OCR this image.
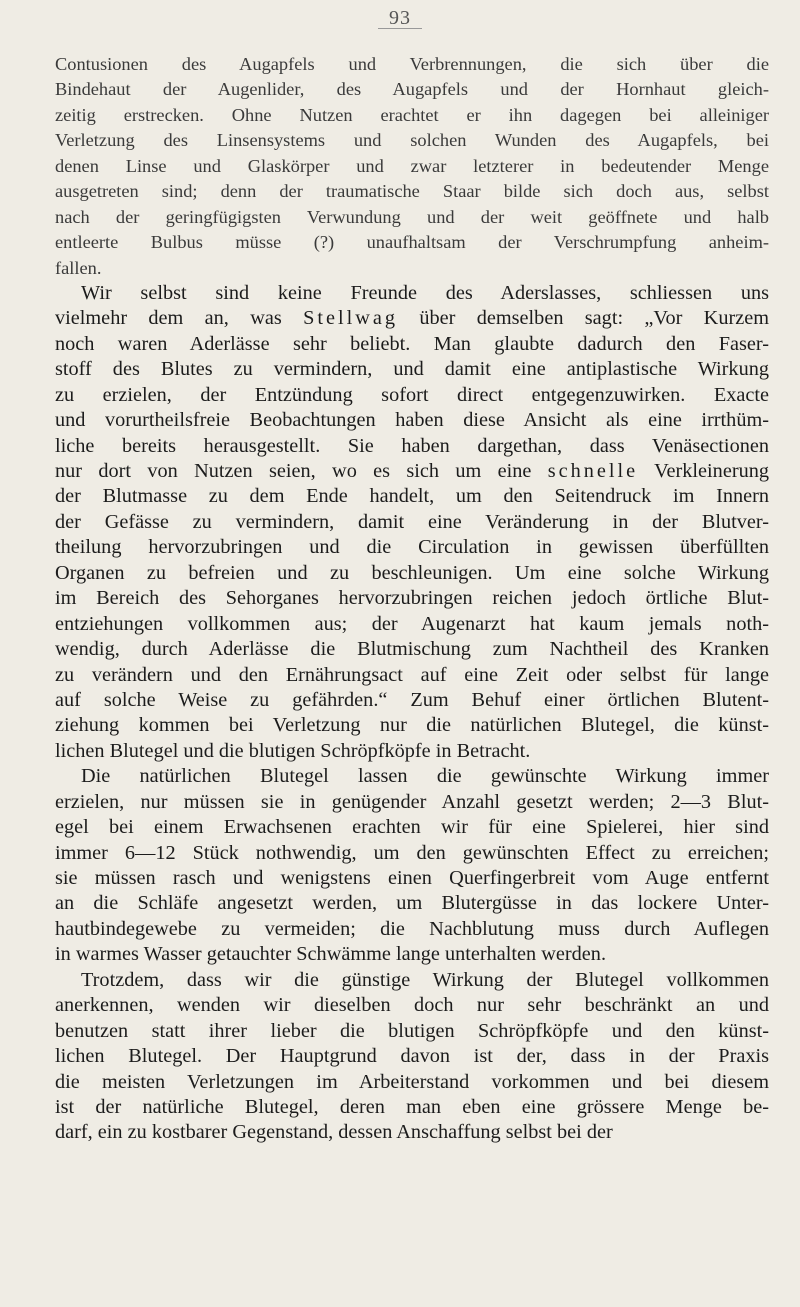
93
Contusionen des Augapfels und Verbrennungen, die sich über die
Bindehaut der Augenlider, des Augapfels und der Hornhaut gleich-
zeitig erstrecken. Ohne Nutzen erachtet er ihn dagegen bei alleiniger
Verletzung des Linsensystems und solchen Wunden des Augapfels, bei
denen Linse und Glaskörper und zwar letzterer in bedeutender Menge
ausgetreten sind; denn der traumatische Staar bilde sich doch aus, selbst
nach der geringfügigsten Verwundung und der weit geöffnete und halb
entleerte Bulbus müsse (?) unaufhaltsam der Verschrumpfung anheim-
fallen.
Wir selbst sind keine Freunde des Aderslasses, schliessen uns
vielmehr dem an, was Stellwag über demselben sagt: „Vor Kurzem
noch waren Aderlässe sehr beliebt. Man glaubte dadurch den Faser-
stoff des Blutes zu vermindern, und damit eine antiplastische Wirkung
zu erzielen, der Entzündung sofort direct entgegenzuwirken. Exacte
und vorurtheilsfreie Beobachtungen haben diese Ansicht als eine irrthüm-
liche bereits herausgestellt. Sie haben dargethan, dass Venäsectionen
nur dort von Nutzen seien, wo es sich um eine schnelle Verkleinerung
der Blutmasse zu dem Ende handelt, um den Seitendruck im Innern
der Gefässe zu vermindern, damit eine Veränderung in der Blutver-
theilung hervorzubringen und die Circulation in gewissen überfüllten
Organen zu befreien und zu beschleunigen. Um eine solche Wirkung
im Bereich des Sehorganes hervorzubringen reichen jedoch örtliche Blut-
entziehungen vollkommen aus; der Augenarzt hat kaum jemals noth-
wendig, durch Aderlässe die Blutmischung zum Nachtheil des Kranken
zu verändern und den Ernährungsact auf eine Zeit oder selbst für lange
auf solche Weise zu gefährden.“ Zum Behuf einer örtlichen Blutent-
ziehung kommen bei Verletzung nur die natürlichen Blutegel, die künst-
lichen Blutegel und die blutigen Schröpfköpfe in Betracht.
Die natürlichen Blutegel lassen die gewünschte Wirkung immer
erzielen, nur müssen sie in genügender Anzahl gesetzt werden; 2—3 Blut-
egel bei einem Erwachsenen erachten wir für eine Spielerei, hier sind
immer 6—12 Stück nothwendig, um den gewünschten Effect zu erreichen;
sie müssen rasch und wenigstens einen Querfingerbreit vom Auge entfernt
an die Schläfe angesetzt werden, um Blutergüsse in das lockere Unter-
hautbindegewebe zu vermeiden; die Nachblutung muss durch Auflegen
in warmes Wasser getauchter Schwämme lange unterhalten werden.
Trotzdem, dass wir die günstige Wirkung der Blutegel vollkommen
anerkennen, wenden wir dieselben doch nur sehr beschränkt an und
benutzen statt ihrer lieber die blutigen Schröpfköpfe und den künst-
lichen Blutegel. Der Hauptgrund davon ist der, dass in der Praxis
die meisten Verletzungen im Arbeiterstand vorkommen und bei diesem
ist der natürliche Blutegel, deren man eben eine grössere Menge be-
darf, ein zu kostbarer Gegenstand, dessen Anschaffung selbst bei der
